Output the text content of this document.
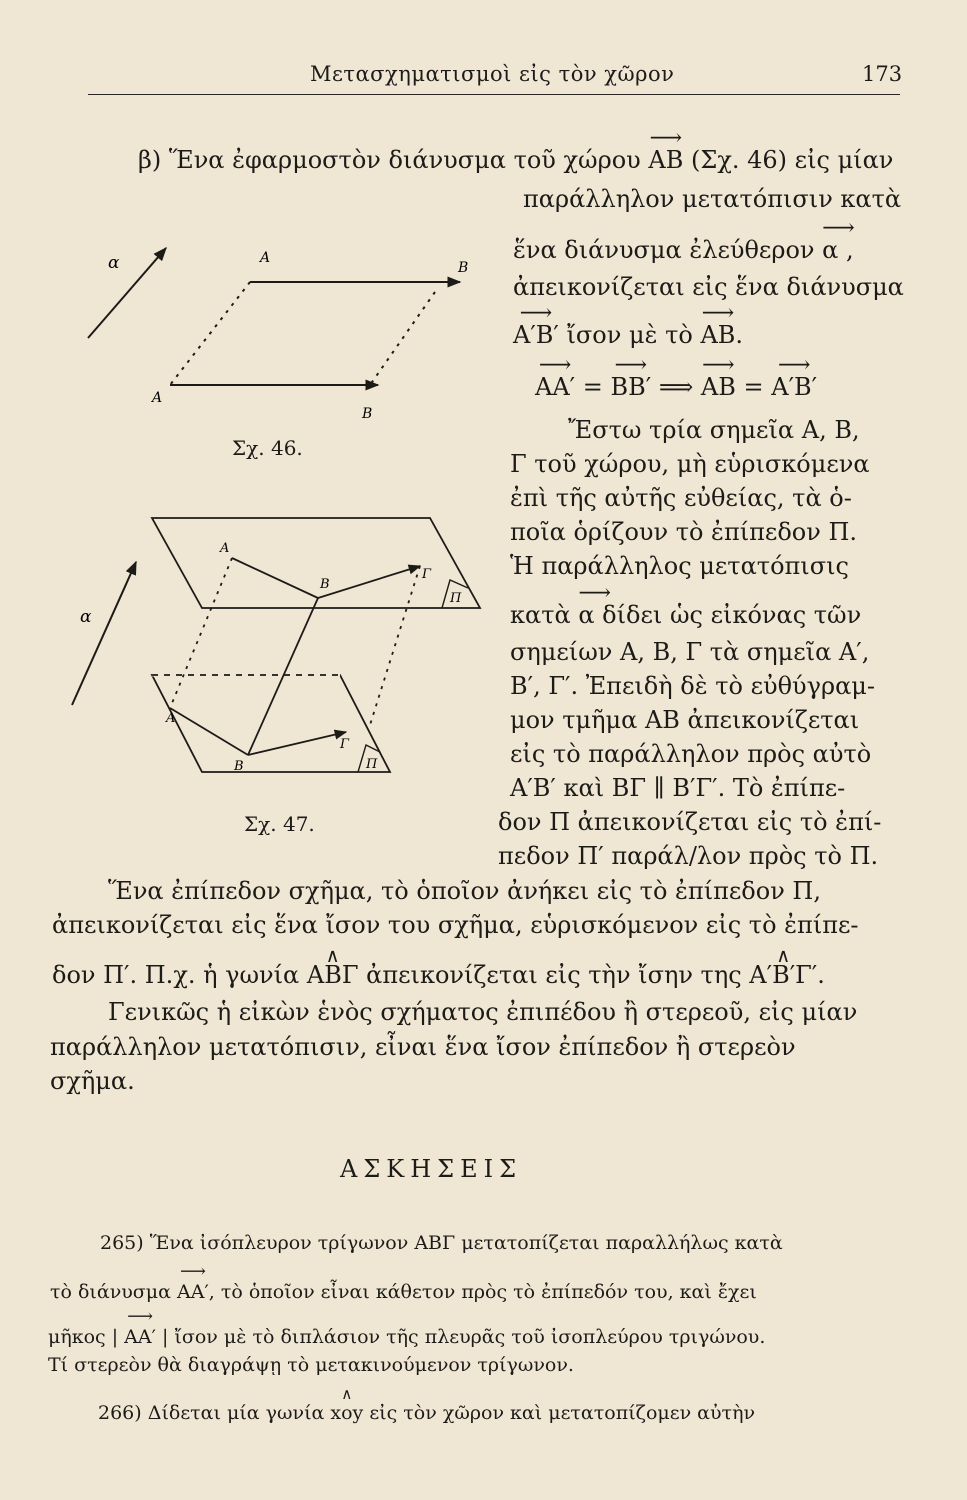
Μετασχηματισμοὶ εἰς τὸν χῶρον	173
β) Ἕνα ἐφαρμοστὸν διάνυσμα τοῦ χώρου ⟶ AB (Σχ. 46) εἰς μίαν
παράλληλον μετατόπισιν κατὰ
ἕνα διάνυσμα ἐλεύθερον ⟶ α ,
ἀπεικονίζεται εἰς ἕνα διάνυσμα
⟶ A′B′ ἴσον μὲ τὸ ⟶ AB.
⟶ AA′ = ⟶ BB′ ⟹ ⟶ AB = ⟶ A′B′
Ἔστω τρία σημεῖα Α, Β,
Γ τοῦ χώρου, μὴ εὑρισκόμενα
ἐπὶ τῆς αὐτῆς εὐθείας, τὰ ὁ-
ποῖα ὁρίζουν τὸ ἐπίπεδον Π.
Ἡ παράλληλος μετατόπισις
κατὰ ⟶ α δίδει ὡς εἰκόνας τῶν
σημείων Α, Β, Γ τὰ σημεῖα Α′,
Β′, Γ′. Ἐπειδὴ δὲ τὸ εὐθύγραμ-
μον τμῆμα ΑΒ ἀπεικονίζεται
εἰς τὸ παράλληλον πρὸς αὐτὸ
Α′Β′ καὶ ΒΓ ∥ Β′Γ′. Τὸ ἐπίπε-
δον Π ἀπεικονίζεται εἰς τὸ ἐπί-
πεδον Π′ παράλ/λον πρὸς τὸ Π.
Ἕνα ἐπίπεδον σχῆμα, τὸ ὁποῖον ἀνήκει εἰς τὸ ἐπίπεδον Π,
ἀπεικονίζεται εἰς ἕνα ἴσον του σχῆμα, εὑρισκόμενον εἰς τὸ ἐπίπε-
δον Π′. Π.χ. ἡ γωνία ∧ ΑΒΓ ἀπεικονίζεται εἰς τὴν ἴσην της ∧ Α′Β′Γ′.
Γενικῶς ἡ εἰκὼν ἑνὸς σχήματος ἐπιπέδου ἢ στερεοῦ, εἰς μίαν
παράλληλον μετατόπισιν, εἶναι ἕνα ἴσον ἐπίπεδον ἢ στερεὸν
σχῆμα.
ΑΣΚΗΣΕΙΣ
265) Ἕνα ἰσόπλευρον τρίγωνον ΑΒΓ μετατοπίζεται παραλλήλως κατὰ
τὸ διάνυσμα ⟶ AA′, τὸ ὁποῖον εἶναι κάθετον πρὸς τὸ ἐπίπεδόν του, καὶ ἔχει
μῆκος | ⟶ AA′ | ἴσον μὲ τὸ διπλάσιον τῆς πλευρᾶς τοῦ ἰσοπλεύρου τριγώνου.
Τί στερεὸν θὰ διαγράψῃ τὸ μετακινούμενον τρίγωνον.
266) Δίδεται μία γωνία ∧ xoy εἰς τὸν χῶρον καὶ μετατοπίζομεν αὐτὴν
α	A
B
A
B
Σχ. 46.
α
A
B
Γ
Π
A
B
Γ
Π
Σχ. 47.
